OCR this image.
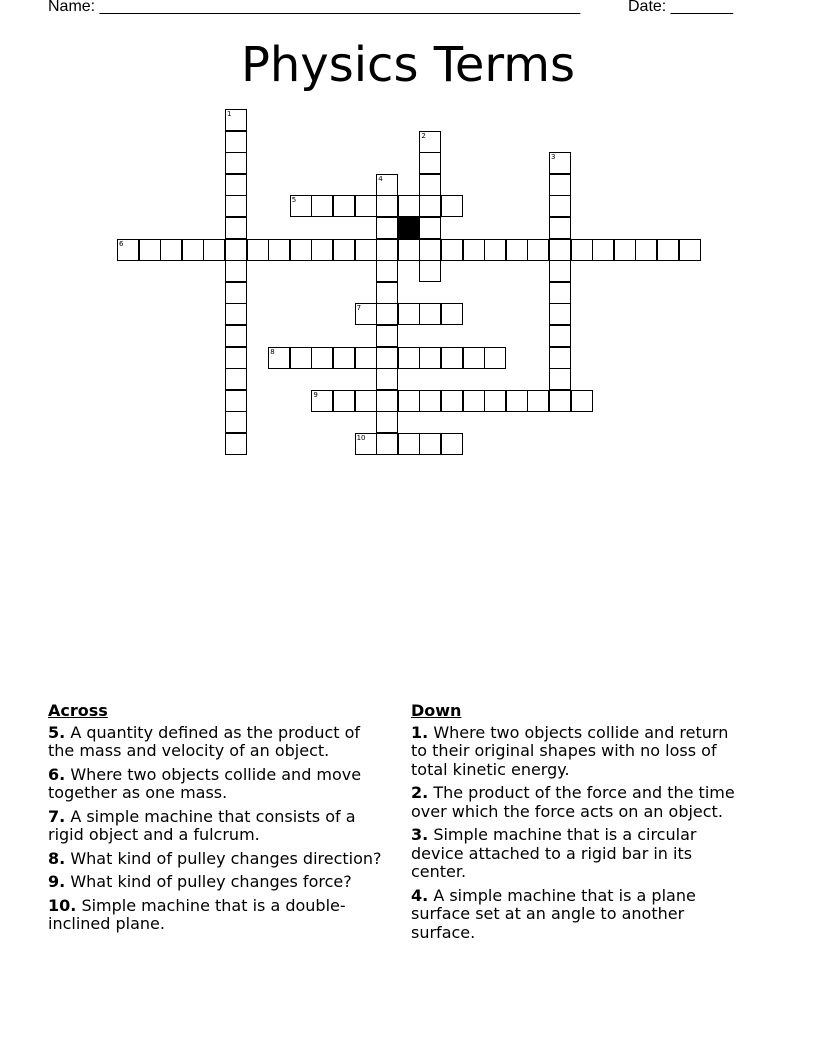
Name: ______________________________________________________	Date: _______
Physics Terms
1
2
3
4
5
6
7
8
9
10
Across
5. A quantity defined as the product of the mass and velocity of an object.
6. Where two objects collide and move together as one mass.
7. A simple machine that consists of a rigid object and a fulcrum.
8. What kind of pulley changes direction?
9. What kind of pulley changes force?
10. Simple machine that is a double-inclined plane.
Down
1. Where two objects collide and return to their original shapes with no loss of total kinetic energy.
2. The product of the force and the time over which the force acts on an object.
3. Simple machine that is a circular device attached to a rigid bar in its center.
4. A simple machine that is a plane surface set at an angle to another surface.
